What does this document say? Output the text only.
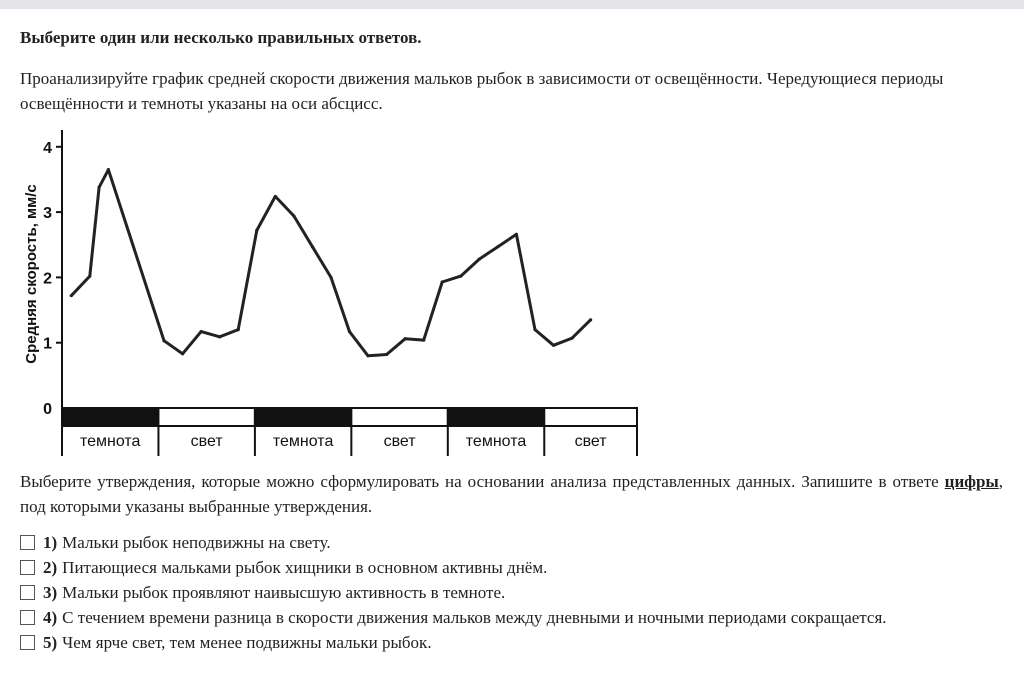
Выберите один или несколько правильных ответов.
Проанализируйте график средней скорости движения мальков рыбок в зависимости от освещённости. Чередующиеся периоды освещённости и темноты указаны на оси абсцисс.
0
1
2
3
4
Средняя скорость, мм/с
темнота	свет	темнота	свет	темнота	свет
Выберите утверждения, которые можно сформулировать на основании анализа представленных данных. Запишите в ответе цифры, под которыми указаны выбранные утверждения.
1) Мальки рыбок неподвижны на свету.
2) Питающиеся мальками рыбок хищники в основном активны днём.
3) Мальки рыбок проявляют наивысшую активность в темноте.
4) С течением времени разница в скорости движения мальков между дневными и ночными периодами сокращается.
5) Чем ярче свет, тем менее подвижны мальки рыбок.
